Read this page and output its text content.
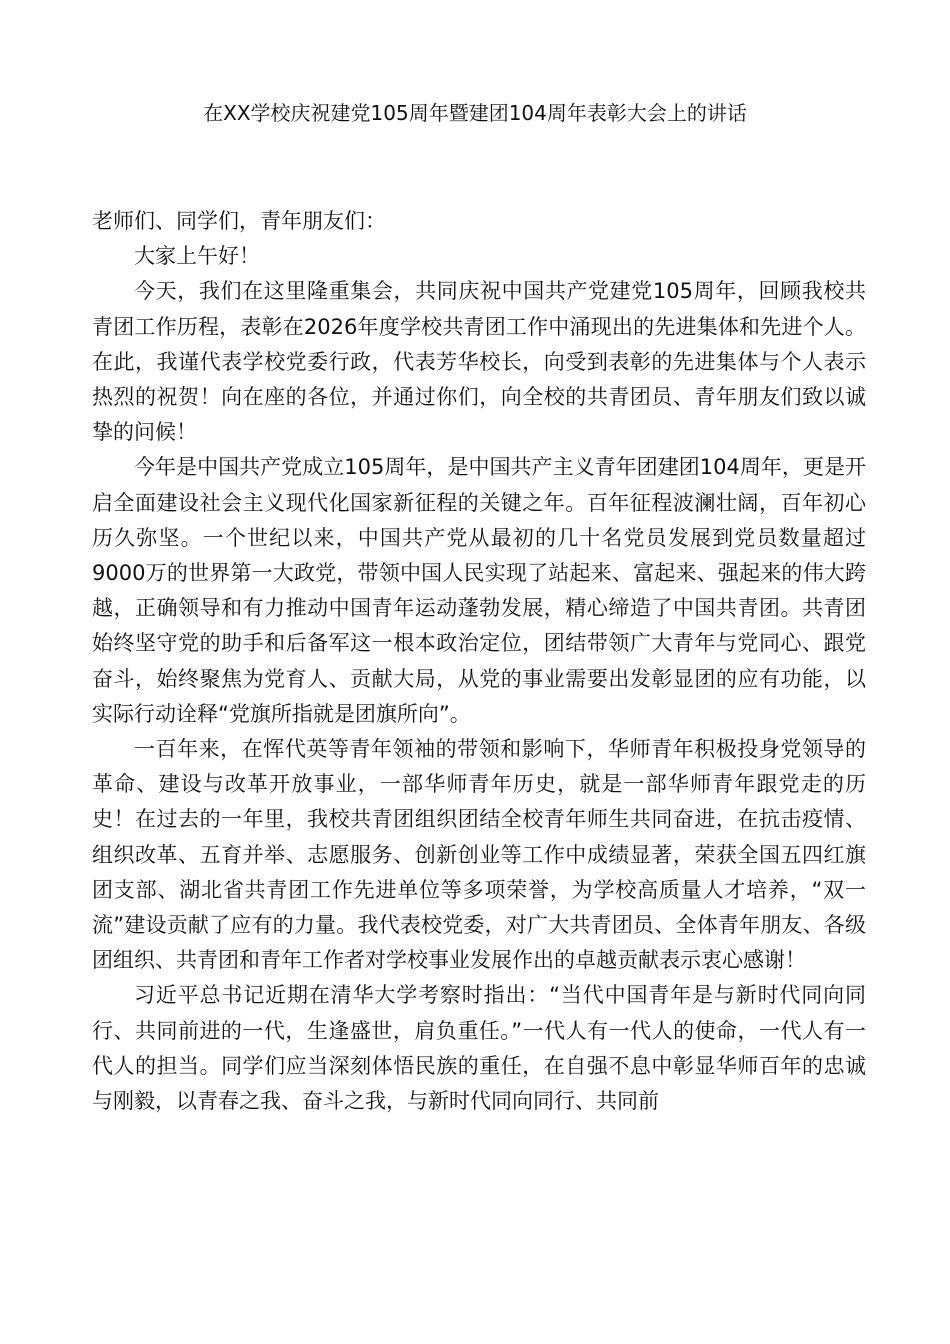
在XX学校庆祝建党105周年暨建团104周年表彰大会上的讲话

老师们、同学们，青年朋友们：

大家上午好！

今天，我们在这里隆重集会，共同庆祝中国共产党建党105周年，回顾我校共青团工作历程，表彰在2026年度学校共青团工作中涌现出的先进集体和先进个人。在此，我谨代表学校党委行政，代表芳华校长，向受到表彰的先进集体与个人表示热烈的祝贺！向在座的各位，并通过你们，向全校的共青团员、青年朋友们致以诚挚的问候！

今年是中国共产党成立105周年，是中国共产主义青年团建团104周年，更是开启全面建设社会主义现代化国家新征程的关键之年。百年征程波澜壮阔，百年初心历久弥坚。一个世纪以来，中国共产党从最初的几十名党员发展到党员数量超过9000万的世界第一大政党，带领中国人民实现了站起来、富起来、强起来的伟大跨越，正确领导和有力推动中国青年运动蓬勃发展，精心缔造了中国共青团。共青团始终坚守党的助手和后备军这一根本政治定位，团结带领广大青年与党同心、跟党奋斗，始终聚焦为党育人、贡献大局，从党的事业需要出发彰显团的应有功能，以实际行动诠释“党旗所指就是团旗所向”。

一百年来，在恽代英等青年领袖的带领和影响下，华师青年积极投身党领导的革命、建设与改革开放事业，一部华师青年历史，就是一部华师青年跟党走的历史！在过去的一年里，我校共青团组织团结全校青年师生共同奋进，在抗击疫情、组织改革、五育并举、志愿服务、创新创业等工作中成绩显著，荣获全国五四红旗团支部、湖北省共青团工作先进单位等多项荣誉，为学校高质量人才培养，“双一流”建设贡献了应有的力量。我代表校党委，对广大共青团员、全体青年朋友、各级团组织、共青团和青年工作者对学校事业发展作出的卓越贡献表示衷心感谢！

习近平总书记近期在清华大学考察时指出：“当代中国青年是与新时代同向同行、共同前进的一代，生逢盛世，肩负重任。”一代人有一代人的使命，一代人有一代人的担当。同学们应当深刻体悟民族的重任，在自强不息中彰显华师百年的忠诚与刚毅，以青春之我、奋斗之我，与新时代同向同行、共同前
